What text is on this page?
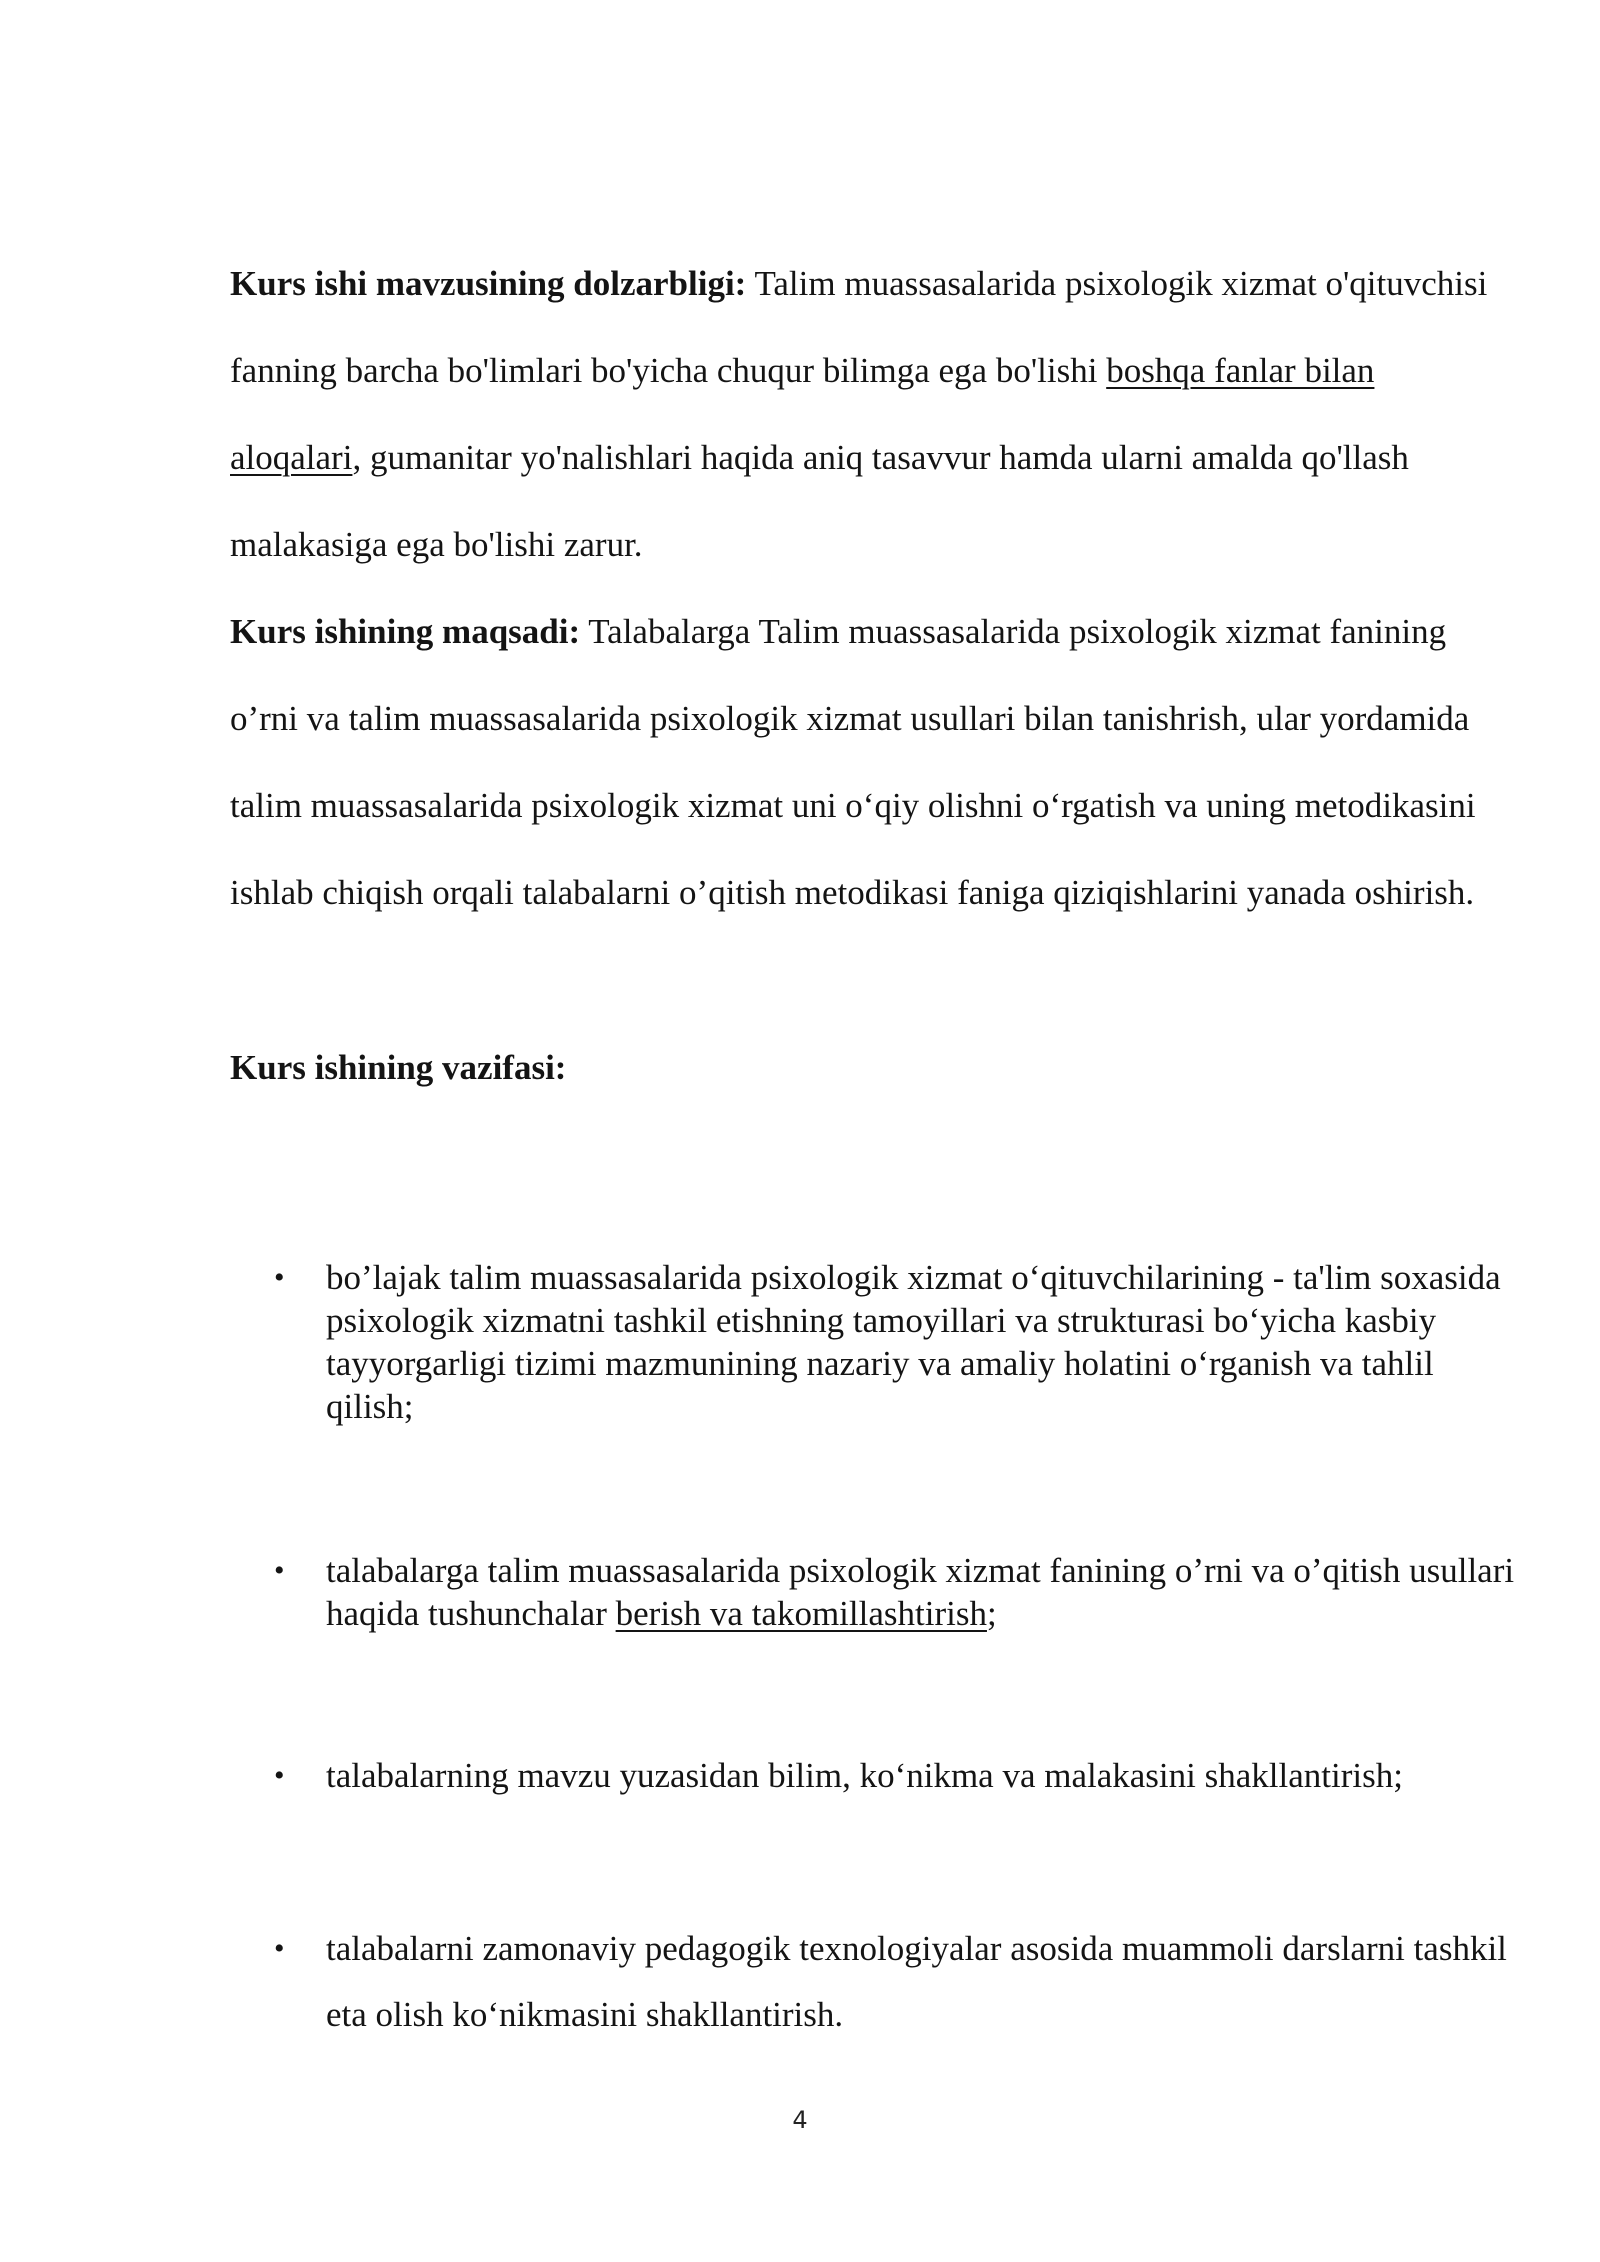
Kurs ishi mavzusining dolzarbligi: Talim muassasalarida psixologik xizmat o'qituvchisi fanning barcha bo'limlari bo'yicha chuqur bilimga ega bo'lishi boshqa fanlar bilan aloqalari, gumanitar yo'nalishlari haqida aniq tasavvur hamda ularni amalda qo'llash malakasiga ega bo'lishi zarur.

Kurs ishining maqsadi: Talabalarga Talim muassasalarida psixologik xizmat fanining o’rni va talim muassasalarida psixologik xizmat usullari bilan tanishrish, ular yordamida talim muassasalarida psixologik xizmat uni o‘qiy olishni o‘rgatish va uning metodikasini ishlab chiqish orqali talabalarni o’qitish metodikasi faniga qiziqishlarini yanada oshirish.

Kurs ishining vazifasi:

• bo’lajak talim muassasalarida psixologik xizmat o‘qituvchilarining - ta'lim soxasida psixologik xizmatni tashkil etishning tamoyillari va strukturasi bo‘yicha kasbiy tayyorgarligi tizimi mazmunining nazariy va amaliy holatini o‘rganish va tahlil qilish;
• talabalarga talim muassasalarida psixologik xizmat fanining o’rni va o’qitish usullari haqida tushunchalar berish va takomillashtirish;
• talabalarning mavzu yuzasidan bilim, ko‘nikma va malakasini shakllantirish;
• talabalarni zamonaviy pedagogik texnologiyalar asosida muammoli darslarni tashkil eta olish ko‘nikmasini shakllantirish.
4
